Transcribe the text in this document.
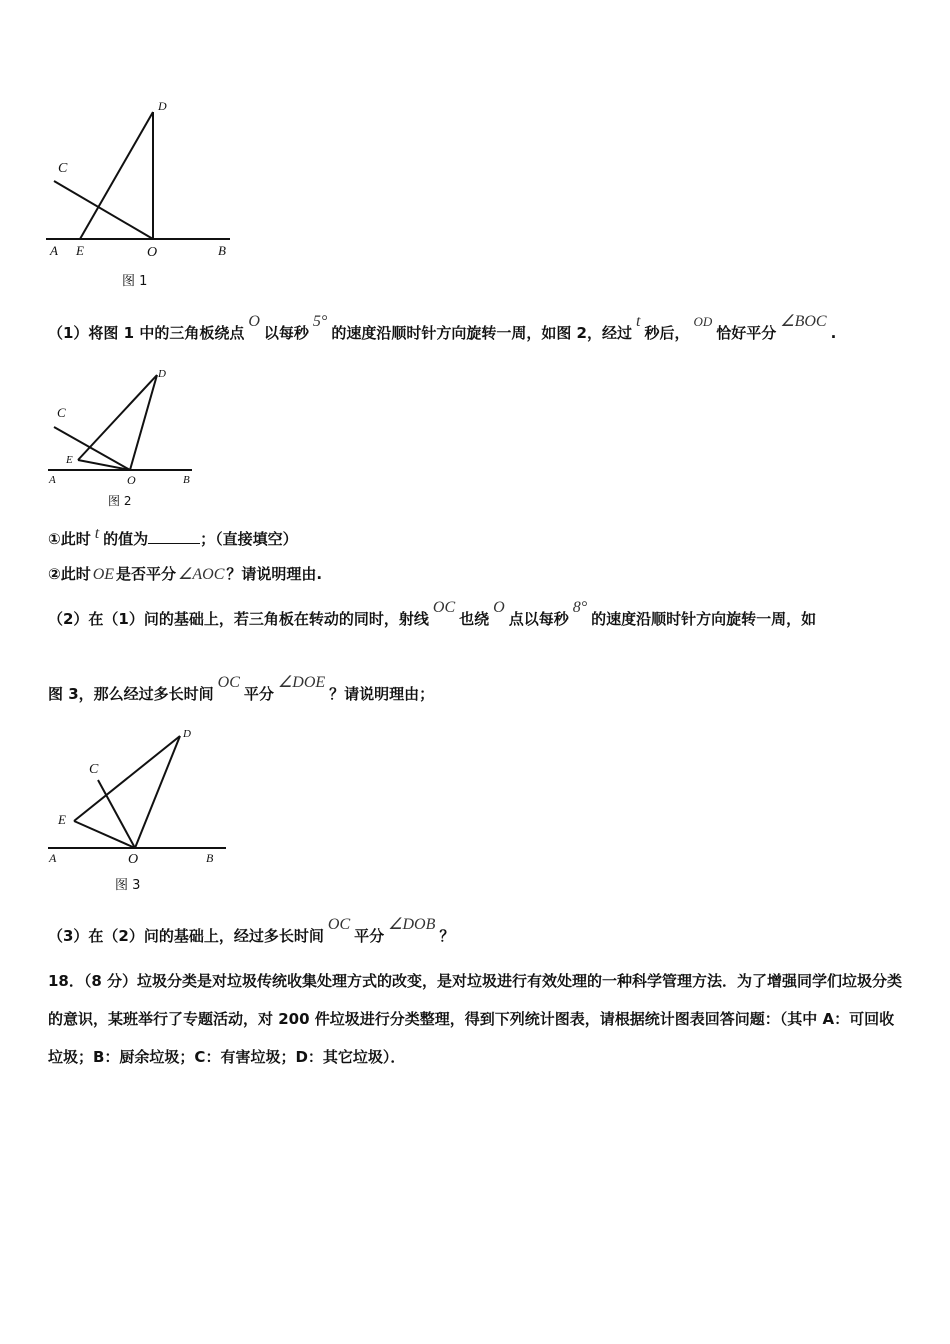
D
C
A E	O	B
图 1
（1）将图 1 中的三角板绕点O以每秒5°的速度沿顺时针方向旋转一周，如图 2，经过t秒后，OD恰好平分∠BOC.
D
C
E
A	O	B
图 2
①此时 t 的值为	；（直接填空）
②此时 OE 是否平分 ∠AOC ？请说明理由.
（2）在（1）问的基础上，若三角板在转动的同时，射线OC也绕O点以每秒8°的速度沿顺时针方向旋转一周，如
图 3，那么经过多长时间OC平分∠DOE？请说明理由；
D
C
E
A	O	B
图 3
（3）在（2）问的基础上，经过多长时间OC平分∠DOB？
18．（8 分）垃圾分类是对垃圾传统收集处理方式的改变，是对垃圾进行有效处理的一种科学管理方法．为了增强同学们垃圾分类的意识，某班举行了专题活动，对 200 件垃圾进行分类整理，得到下列统计图表，请根据统计图表回答问题：（其中 A：可回收垃圾；B：厨余垃圾；C：有害垃圾；D：其它垃圾）．
